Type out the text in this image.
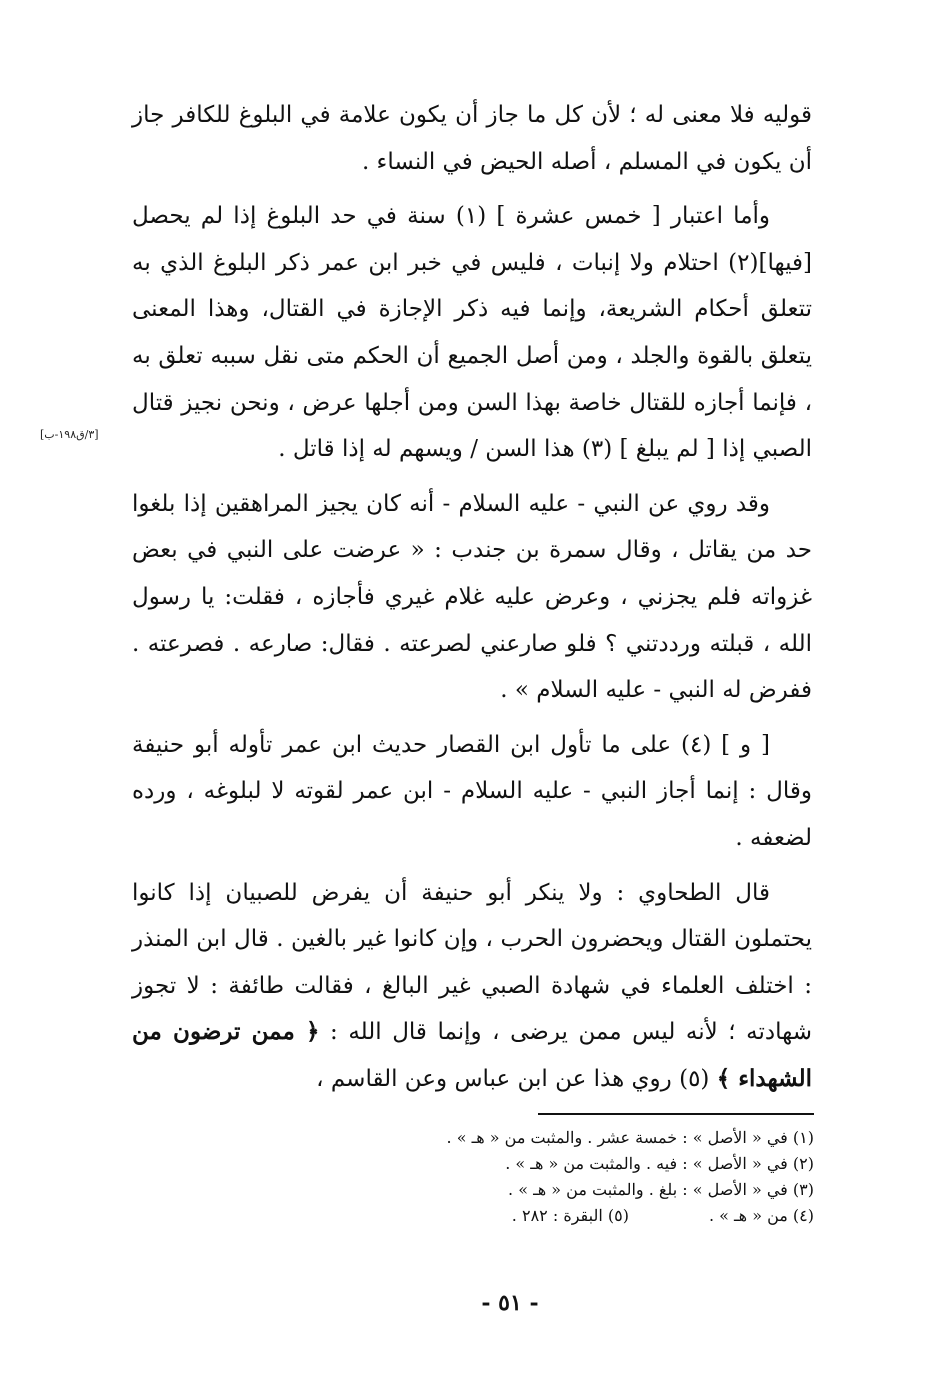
قوليه فلا معنى له ؛ لأن كل ما جاز أن يكون علامة في البلوغ للكافر جاز أن يكون في المسلم ، أصله الحيض في النساء .

وأما اعتبار [ خمس عشرة ] (١) سنة في حد البلوغ إذا لم يحصل [فيها](٢) احتلام ولا إنبات ، فليس في خبر ابن عمر ذكر البلوغ الذي به تتعلق أحكام الشريعة، وإنما فيه ذكر الإجازة في القتال، وهذا المعنى يتعلق بالقوة والجلد ، ومن أصل الجميع أن الحكم متى نقل سببه تعلق به ، فإنما أجازه للقتال خاصة بهذا السن ومن أجلها عرض ، ونحن نجيز قتال الصبي إذا [ لم يبلغ ] (٣) هذا السن / ويسهم له إذا قاتل .

وقد روي عن النبي - عليه السلام - أنه كان يجيز المراهقين إذا بلغوا حد من يقاتل ، وقال سمرة بن جندب : « عرضت على النبي في بعض غزواته فلم يجزني ، وعرض عليه غلام غيري فأجازه ، فقلت: يا رسول الله ، قبلته ورددتني ؟ فلو صارعني لصرعته . فقال: صارعه . فصرعته . ففرض له النبي - عليه السلام » .

[ و ] (٤) على ما تأول ابن القصار حديث ابن عمر تأوله أبو حنيفة وقال : إنما أجاز النبي - عليه السلام - ابن عمر لقوته لا لبلوغه ، ورده لضعفه .

قال الطحاوي : ولا ينكر أبو حنيفة أن يفرض للصبيان إذا كانوا يحتملون القتال ويحضرون الحرب ، وإن كانوا غير بالغين . قال ابن المنذر : اختلف العلماء في شهادة الصبي غير البالغ ، فقالت طائفة : لا تجوز شهادته ؛ لأنه ليس ممن يرضى ، وإنما قال الله : ﴿ ممن ترضون من الشهداء ﴾ (٥) روي هذا عن ابن عباس وعن القاسم ،

[٣/ق١٩٨-ب]
(١) في « الأصل » : خمسة عشر . والمثبت من « هـ » .
(٢) في « الأصل » : فيه . والمثبت من « هـ » .
(٣) في « الأصل » : بلغ . والمثبت من « هـ » .
(٤) من « هـ » .(٥) البقرة : ٢٨٢ .
- ٥١ -
